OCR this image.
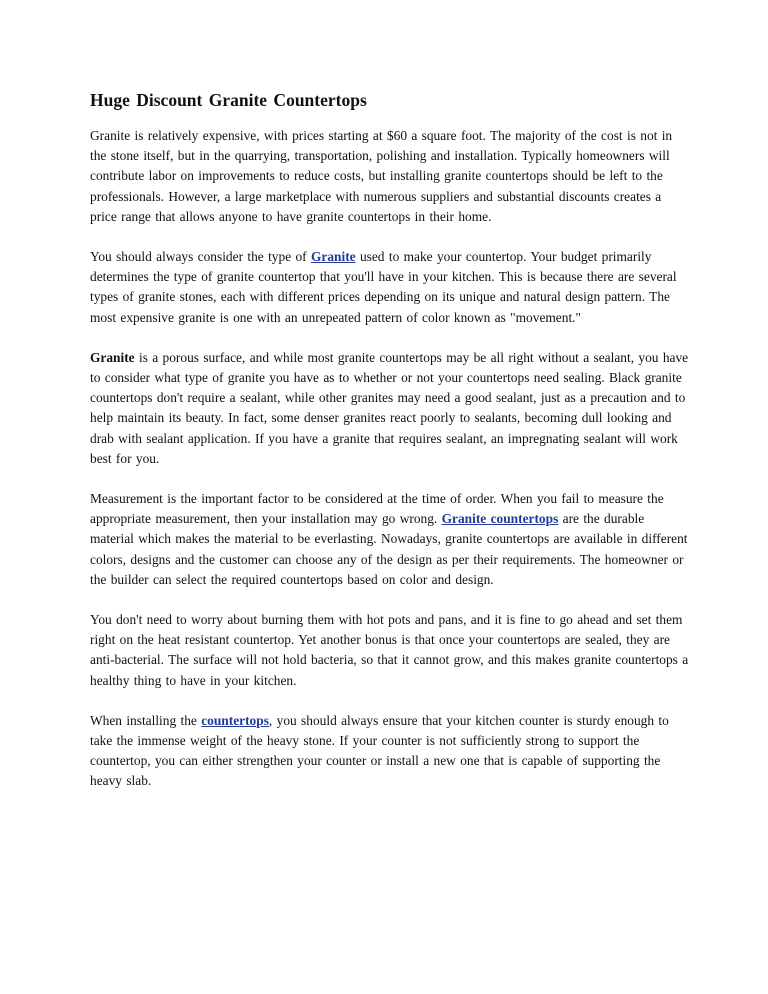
Huge Discount Granite Countertops

Granite is relatively expensive, with prices starting at $60 a square foot. The majority of the cost is not in the stone itself, but in the quarrying, transportation, polishing and installation. Typically homeowners will contribute labor on improvements to reduce costs, but installing granite countertops should be left to the professionals. However, a large marketplace with numerous suppliers and substantial discounts creates a price range that allows anyone to have granite countertops in their home.

You should always consider the type of Granite used to make your countertop. Your budget primarily determines the type of granite countertop that you'll have in your kitchen. This is because there are several types of granite stones, each with different prices depending on its unique and natural design pattern. The most expensive granite is one with an unrepeated pattern of color known as "movement."

Granite is a porous surface, and while most granite countertops may be all right without a sealant, you have to consider what type of granite you have as to whether or not your countertops need sealing. Black granite countertops don't require a sealant, while other granites may need a good sealant, just as a precaution and to help maintain its beauty. In fact, some denser granites react poorly to sealants, becoming dull looking and drab with sealant application. If you have a granite that requires sealant, an impregnating sealant will work best for you.

Measurement is the important factor to be considered at the time of order. When you fail to measure the appropriate measurement, then your installation may go wrong. Granite countertops are the durable material which makes the material to be everlasting. Nowadays, granite countertops are available in different colors, designs and the customer can choose any of the design as per their requirements. The homeowner or the builder can select the required countertops based on color and design.

You don't need to worry about burning them with hot pots and pans, and it is fine to go ahead and set them right on the heat resistant countertop. Yet another bonus is that once your countertops are sealed, they are anti-bacterial. The surface will not hold bacteria, so that it cannot grow, and this makes granite countertops a healthy thing to have in your kitchen.

When installing the countertops, you should always ensure that your kitchen counter is sturdy enough to take the immense weight of the heavy stone. If your counter is not sufficiently strong to support the countertop, you can either strengthen your counter or install a new one that is capable of supporting the heavy slab.
